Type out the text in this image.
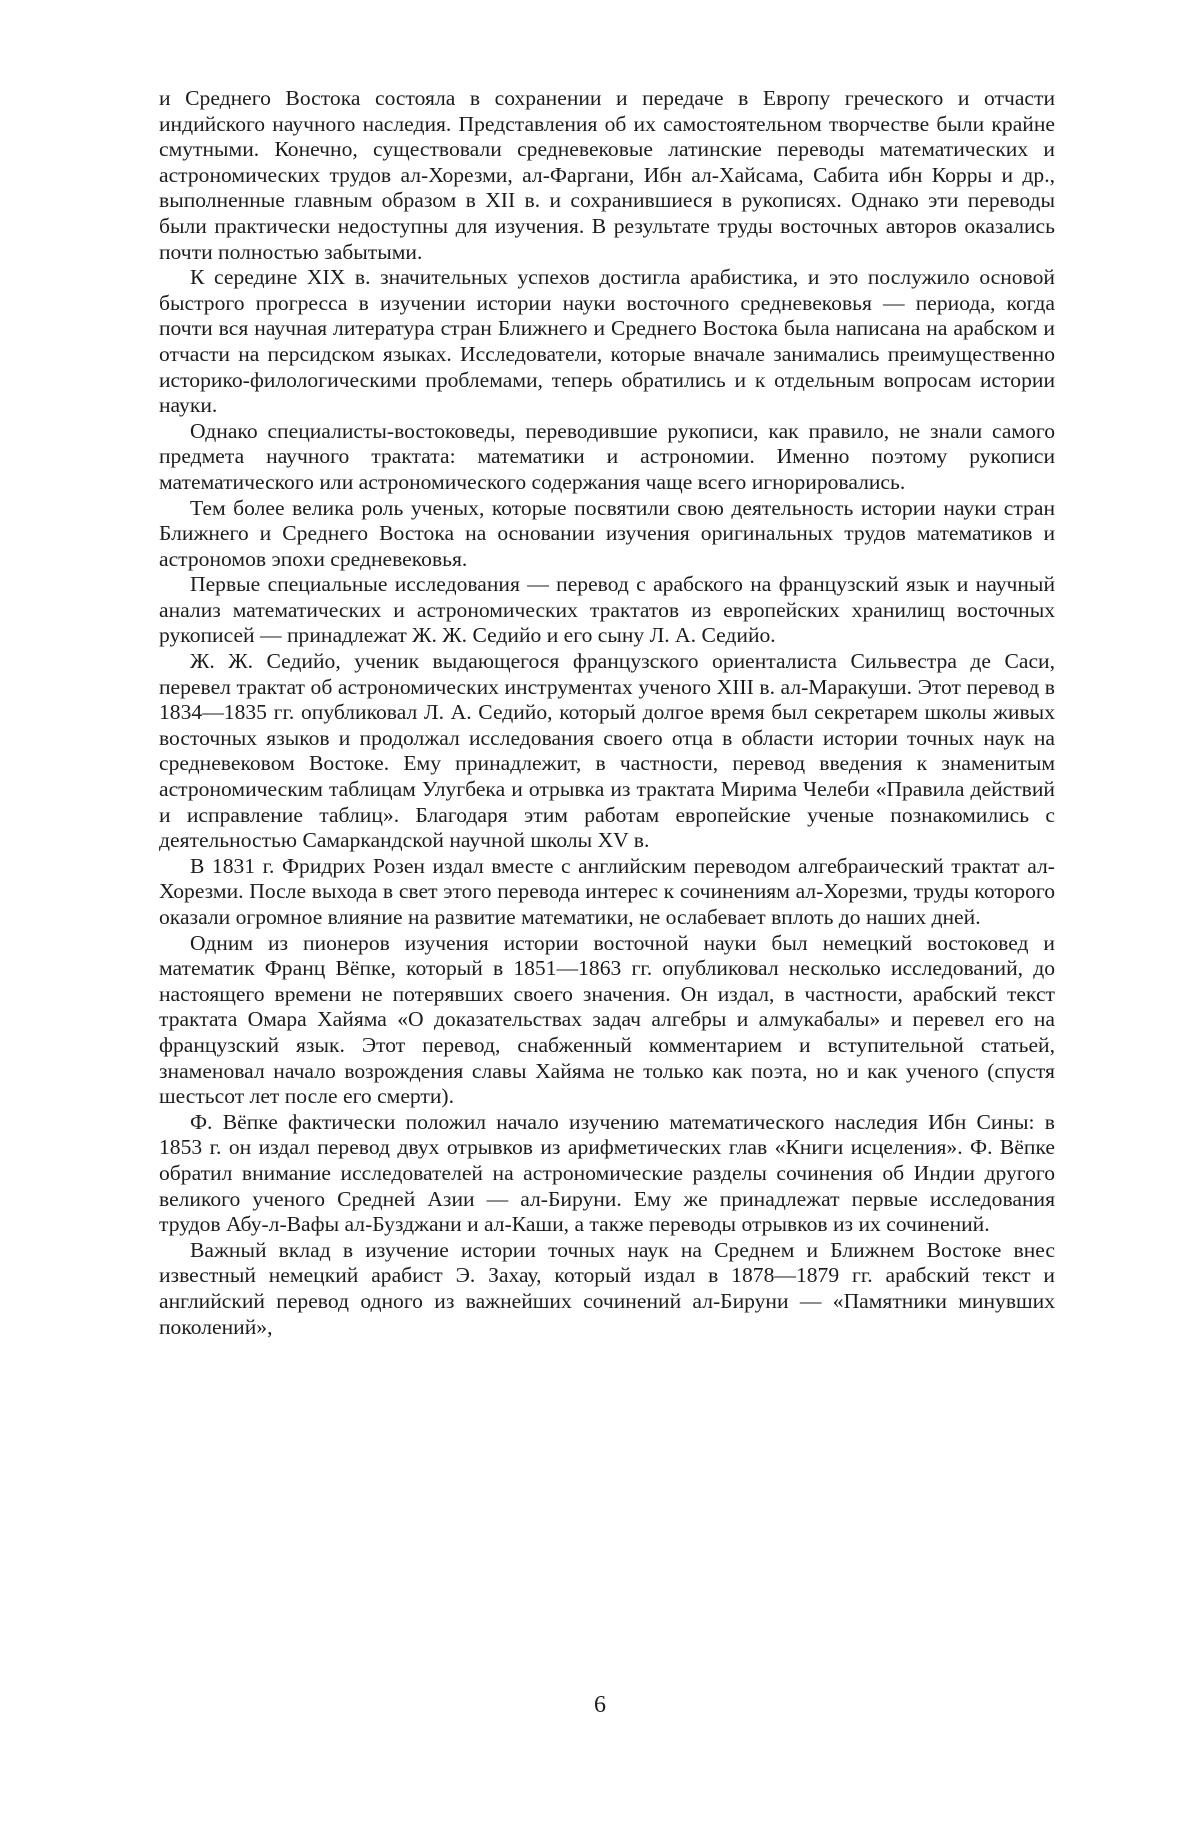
и Среднего Востока состояла в сохранении и передаче в Европу греческого и отчасти индийского научного наследия. Представления об их самостоятельном творчестве были крайне смутными. Конечно, существовали средневековые латинские переводы математических и астрономических трудов ал-Хорезми, ал-Фаргани, Ибн ал-Хайсама, Сабита ибн Корры и др., выполненные главным образом в XII в. и сохранившиеся в рукописях. Однако эти переводы были практически недоступны для изучения. В результате труды восточных авторов оказались почти полностью забытыми.

К середине XIX в. значительных успехов достигла арабистика, и это послужило основой быстрого прогресса в изучении истории науки восточного средневековья — периода, когда почти вся научная литература стран Ближнего и Среднего Востока была написана на арабском и отчасти на персидском языках. Исследователи, которые вначале занимались преимущественно историко-филологическими проблемами, теперь обратились и к отдельным вопросам истории науки.

Однако специалисты-востоковеды, переводившие рукописи, как правило, не знали самого предмета научного трактата: математики и астрономии. Именно поэтому рукописи математического или астрономического содержания чаще всего игнорировались.

Тем более велика роль ученых, которые посвятили свою деятельность истории науки стран Ближнего и Среднего Востока на основании изучения оригинальных трудов математиков и астрономов эпохи средневековья.

Первые специальные исследования — перевод с арабского на французский язык и научный анализ математических и астрономических трактатов из европейских хранилищ восточных рукописей — принадлежат Ж. Ж. Седийо и его сыну Л. А. Седийо.

Ж. Ж. Седийо, ученик выдающегося французского ориенталиста Сильвестра де Саси, перевел трактат об астрономических инструментах ученого XIII в. ал-Маракуши. Этот перевод в 1834—1835 гг. опубликовал Л. А. Седийо, который долгое время был секретарем школы живых восточных языков и продолжал исследования своего отца в области истории точных наук на средневековом Востоке. Ему принадлежит, в частности, перевод введения к знаменитым астрономическим таблицам Улугбека и отрывка из трактата Мирима Челеби «Правила действий и исправление таблиц». Благодаря этим работам европейские ученые познакомились с деятельностью Самаркандской научной школы XV в.

В 1831 г. Фридрих Розен издал вместе с английским переводом алгебраический трактат ал-Хорезми. После выхода в свет этого перевода интерес к сочинениям ал-Хорезми, труды которого оказали огромное влияние на развитие математики, не ослабевает вплоть до наших дней.

Одним из пионеров изучения истории восточной науки был немецкий востоковед и математик Франц Вёпке, который в 1851—1863 гг. опубликовал несколько исследований, до настоящего времени не потерявших своего значения. Он издал, в частности, арабский текст трактата Омара Хайяма «О доказательствах задач алгебры и алмукабалы» и перевел его на французский язык. Этот перевод, снабженный комментарием и вступительной статьей, знаменовал начало возрождения славы Хайяма не только как поэта, но и как ученого (спустя шестьсот лет после его смерти).

Ф. Вёпке фактически положил начало изучению математического наследия Ибн Сины: в 1853 г. он издал перевод двух отрывков из арифметических глав «Книги исцеления». Ф. Вёпке обратил внимание исследователей на астрономические разделы сочинения об Индии другого великого ученого Средней Азии — ал-Бируни. Ему же принадлежат первые исследования трудов Абу-л-Вафы ал-Бузджани и ал-Каши, а также переводы отрывков из их сочинений.

Важный вклад в изучение истории точных наук на Среднем и Ближнем Востоке внес известный немецкий арабист Э. Захау, который издал в 1878—1879 гг. арабский текст и английский перевод одного из важнейших сочинений ал-Бируни — «Памятники минувших поколений»,

6
